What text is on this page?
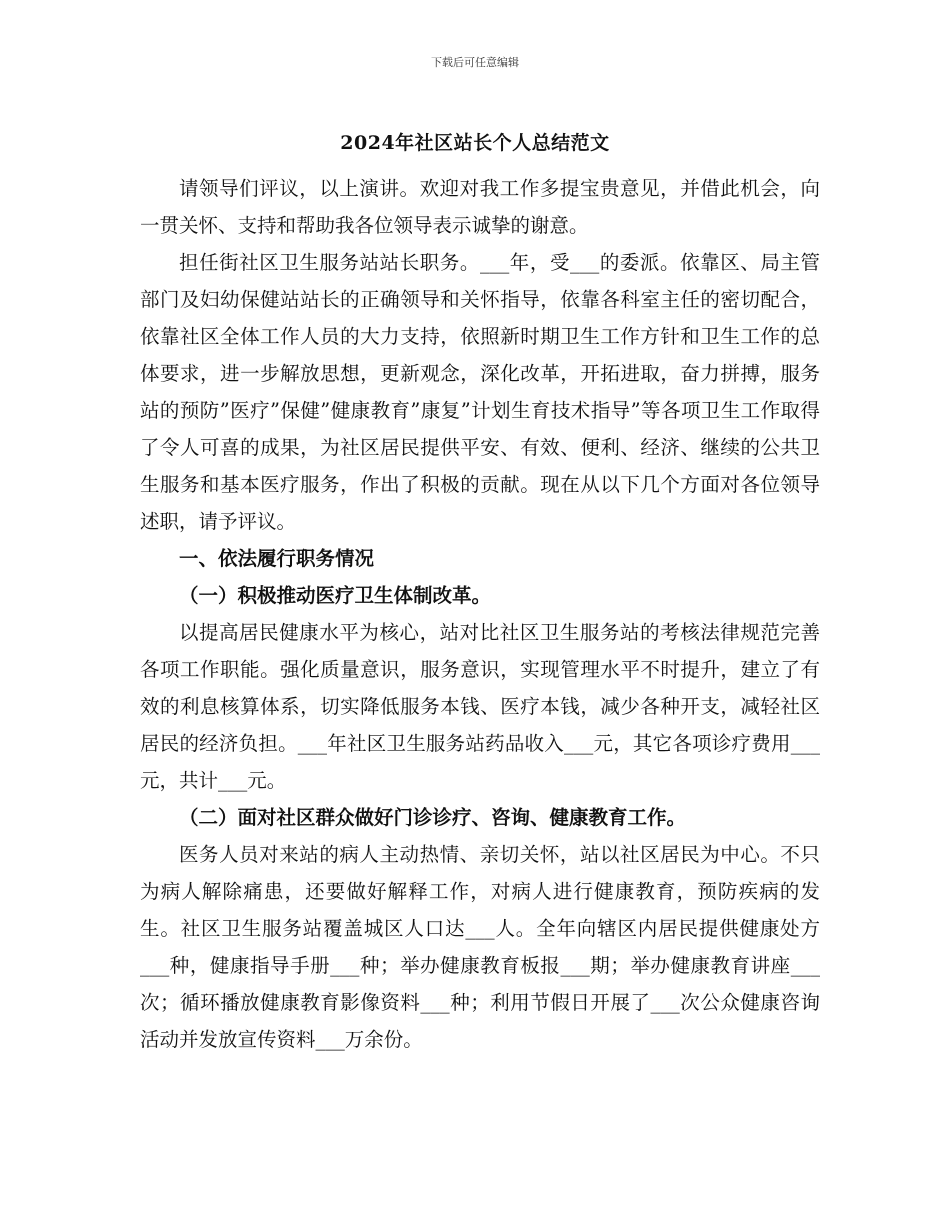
下载后可任意编辑
2024年社区站长个人总结范文

请领导们评议，以上演讲。欢迎对我工作多提宝贵意见，并借此机会，向一贯关怀、支持和帮助我各位领导表示诚挚的谢意。

担任街社区卫生服务站站长职务。___年，受___的委派。依靠区、局主管部门及妇幼保健站站长的正确领导和关怀指导，依靠各科室主任的密切配合，依靠社区全体工作人员的大力支持，依照新时期卫生工作方针和卫生工作的总体要求，进一步解放思想，更新观念，深化改革，开拓进取，奋力拼搏，服务站的预防”医疗”保健”健康教育”康复”计划生育技术指导”等各项卫生工作取得了令人可喜的成果，为社区居民提供平安、有效、便利、经济、继续的公共卫生服务和基本医疗服务，作出了积极的贡献。现在从以下几个方面对各位领导述职，请予评议。

一、依法履行职务情况

（一）积极推动医疗卫生体制改革。

以提高居民健康水平为核心，站对比社区卫生服务站的考核法律规范完善各项工作职能。强化质量意识，服务意识，实现管理水平不时提升，建立了有效的利息核算体系，切实降低服务本钱、医疗本钱，减少各种开支，减轻社区居民的经济负担。___年社区卫生服务站药品收入___元，其它各项诊疗费用___元，共计___元。

（二）面对社区群众做好门诊诊疗、咨询、健康教育工作。

医务人员对来站的病人主动热情、亲切关怀，站以社区居民为中心。不只为病人解除痛患，还要做好解释工作，对病人进行健康教育，预防疾病的发生。社区卫生服务站覆盖城区人口达___人。全年向辖区内居民提供健康处方___种，健康指导手册___种；举办健康教育板报___期；举办健康教育讲座___次；循环播放健康教育影像资料___种；利用节假日开展了___次公众健康咨询活动并发放宣传资料___万余份。
